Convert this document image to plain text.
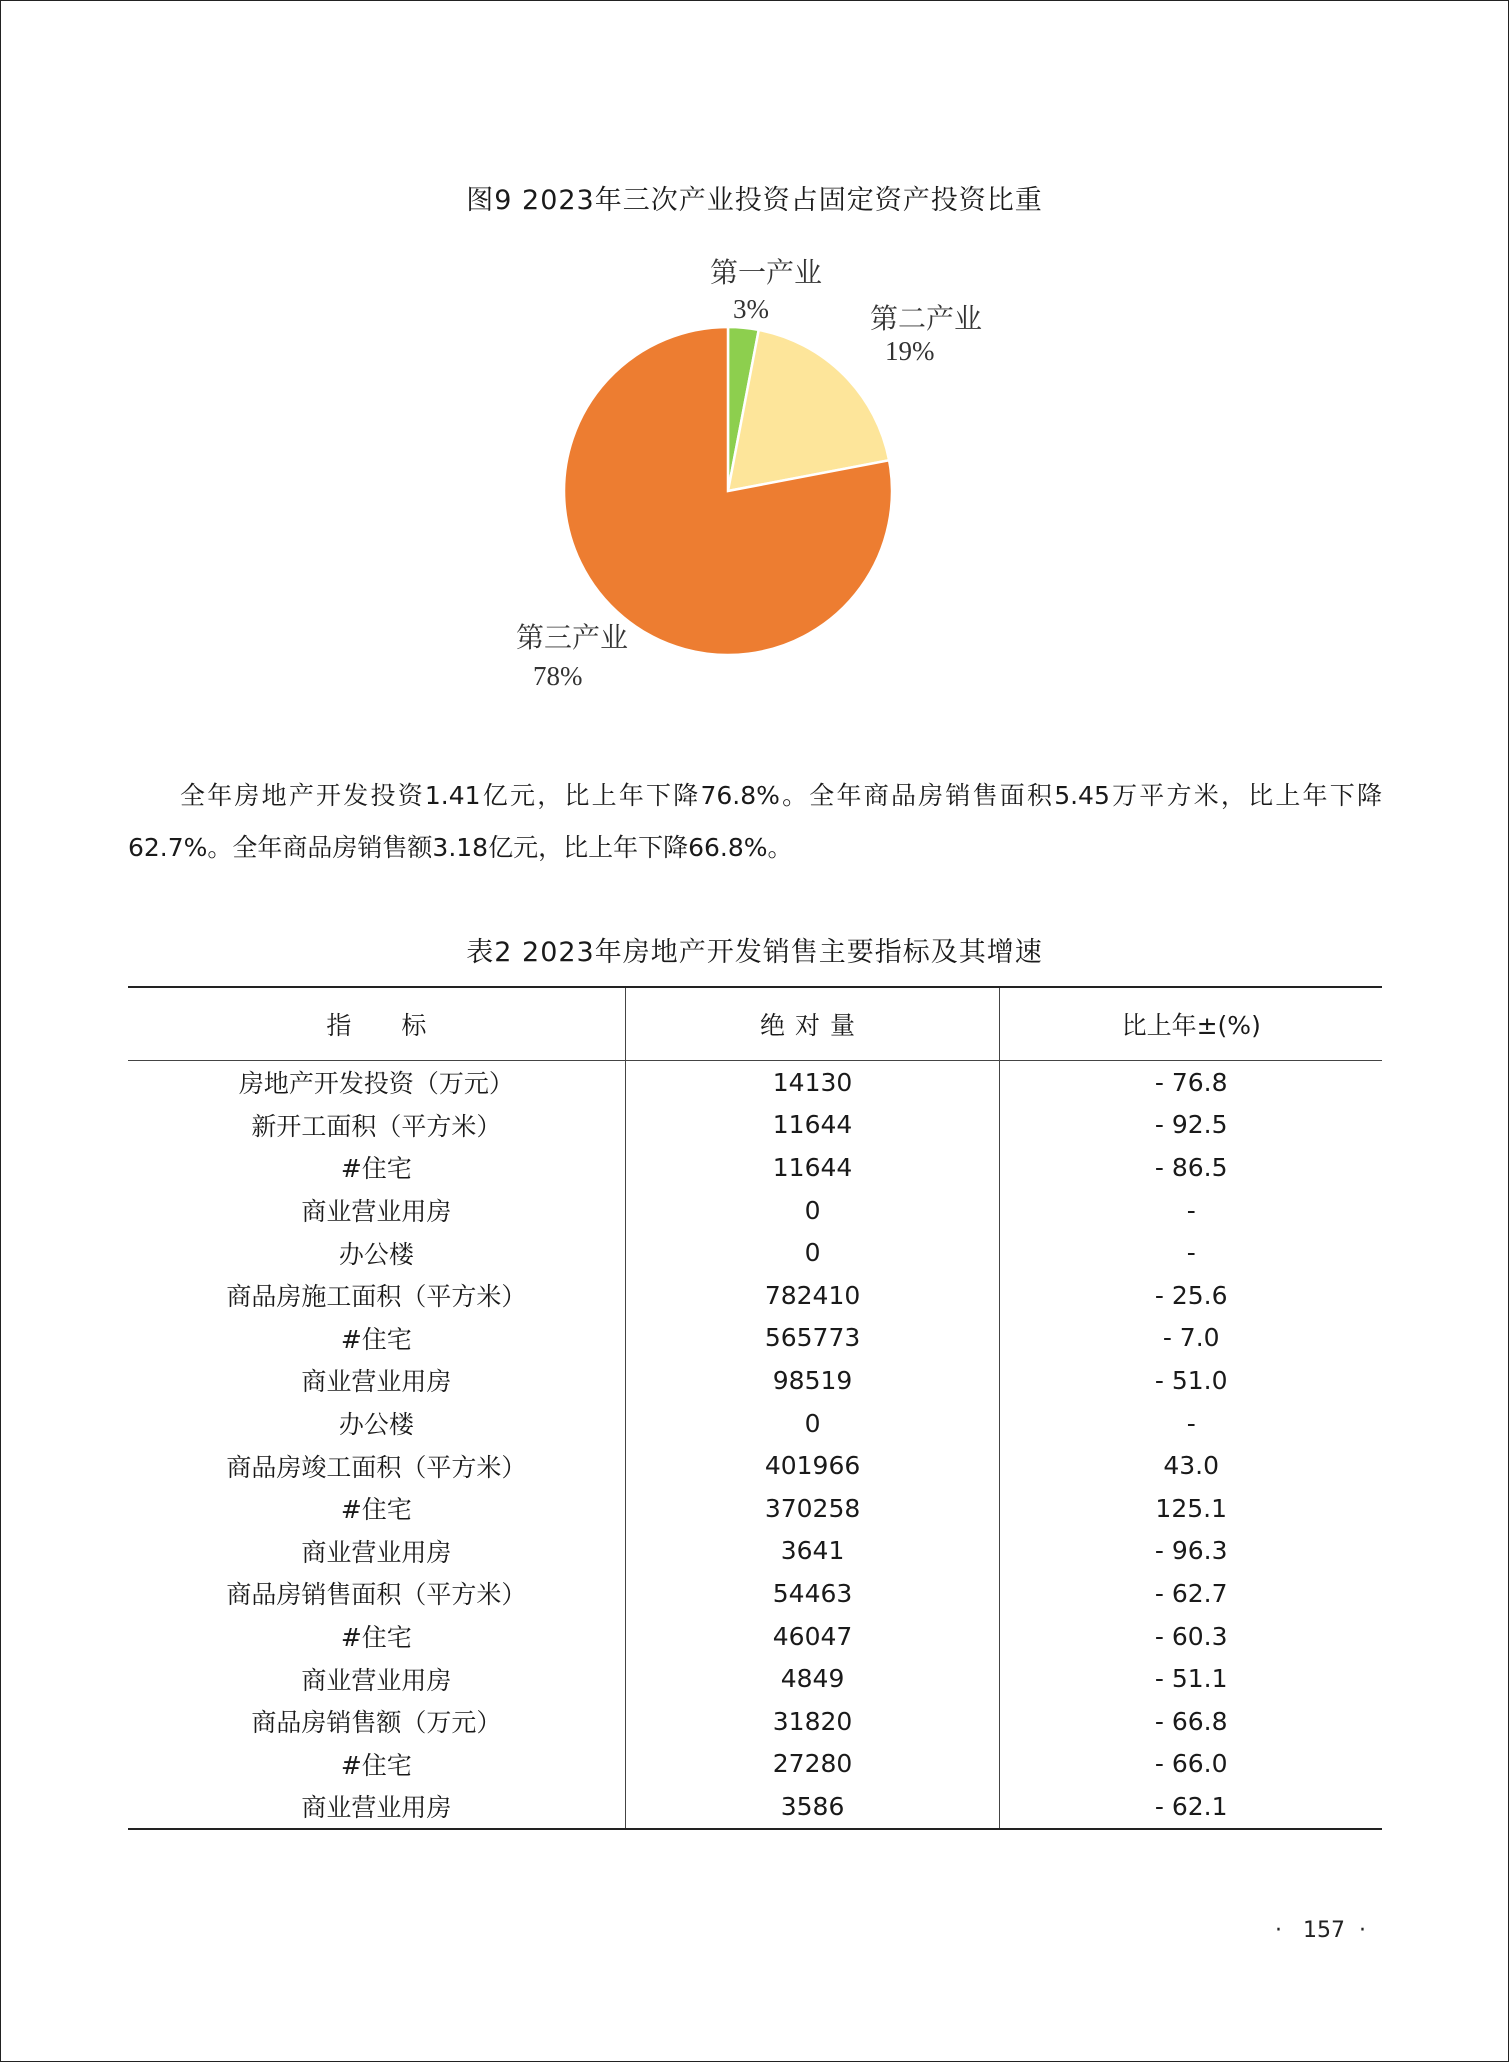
图9 2023年三次产业投资占固定资产投资比重
第一产业
3%	第二产业
19%
第三产业
78%
全年房地产开发投资1.41亿元，比上年下降76.8%。全年商品房销售面积5.45万平方米，比上年下降62.7%。全年商品房销售额3.18亿元，比上年下降66.8%。
表2 2023年房地产开发销售主要指标及其增速
指　　标	绝对量	比上年±(%)
房地产开发投资（万元）	14130	- 76.8
新开工面积（平方米）	11644	- 92.5
#住宅	11644	- 86.5
商业营业用房	0	-
办公楼	0	-
商品房施工面积（平方米）	782410	- 25.6
#住宅	565773	- 7.0
商业营业用房	98519	- 51.0
办公楼	0	-
商品房竣工面积（平方米）	401966	43.0
#住宅	370258	125.1
商业营业用房	3641	- 96.3
商品房销售面积（平方米）	54463	- 62.7
#住宅	46047	- 60.3
商业营业用房	4849	- 51.1
商品房销售额（万元）	31820	- 66.8
#住宅	27280	- 66.0
商业营业用房	3586	- 62.1
·   157  ·
